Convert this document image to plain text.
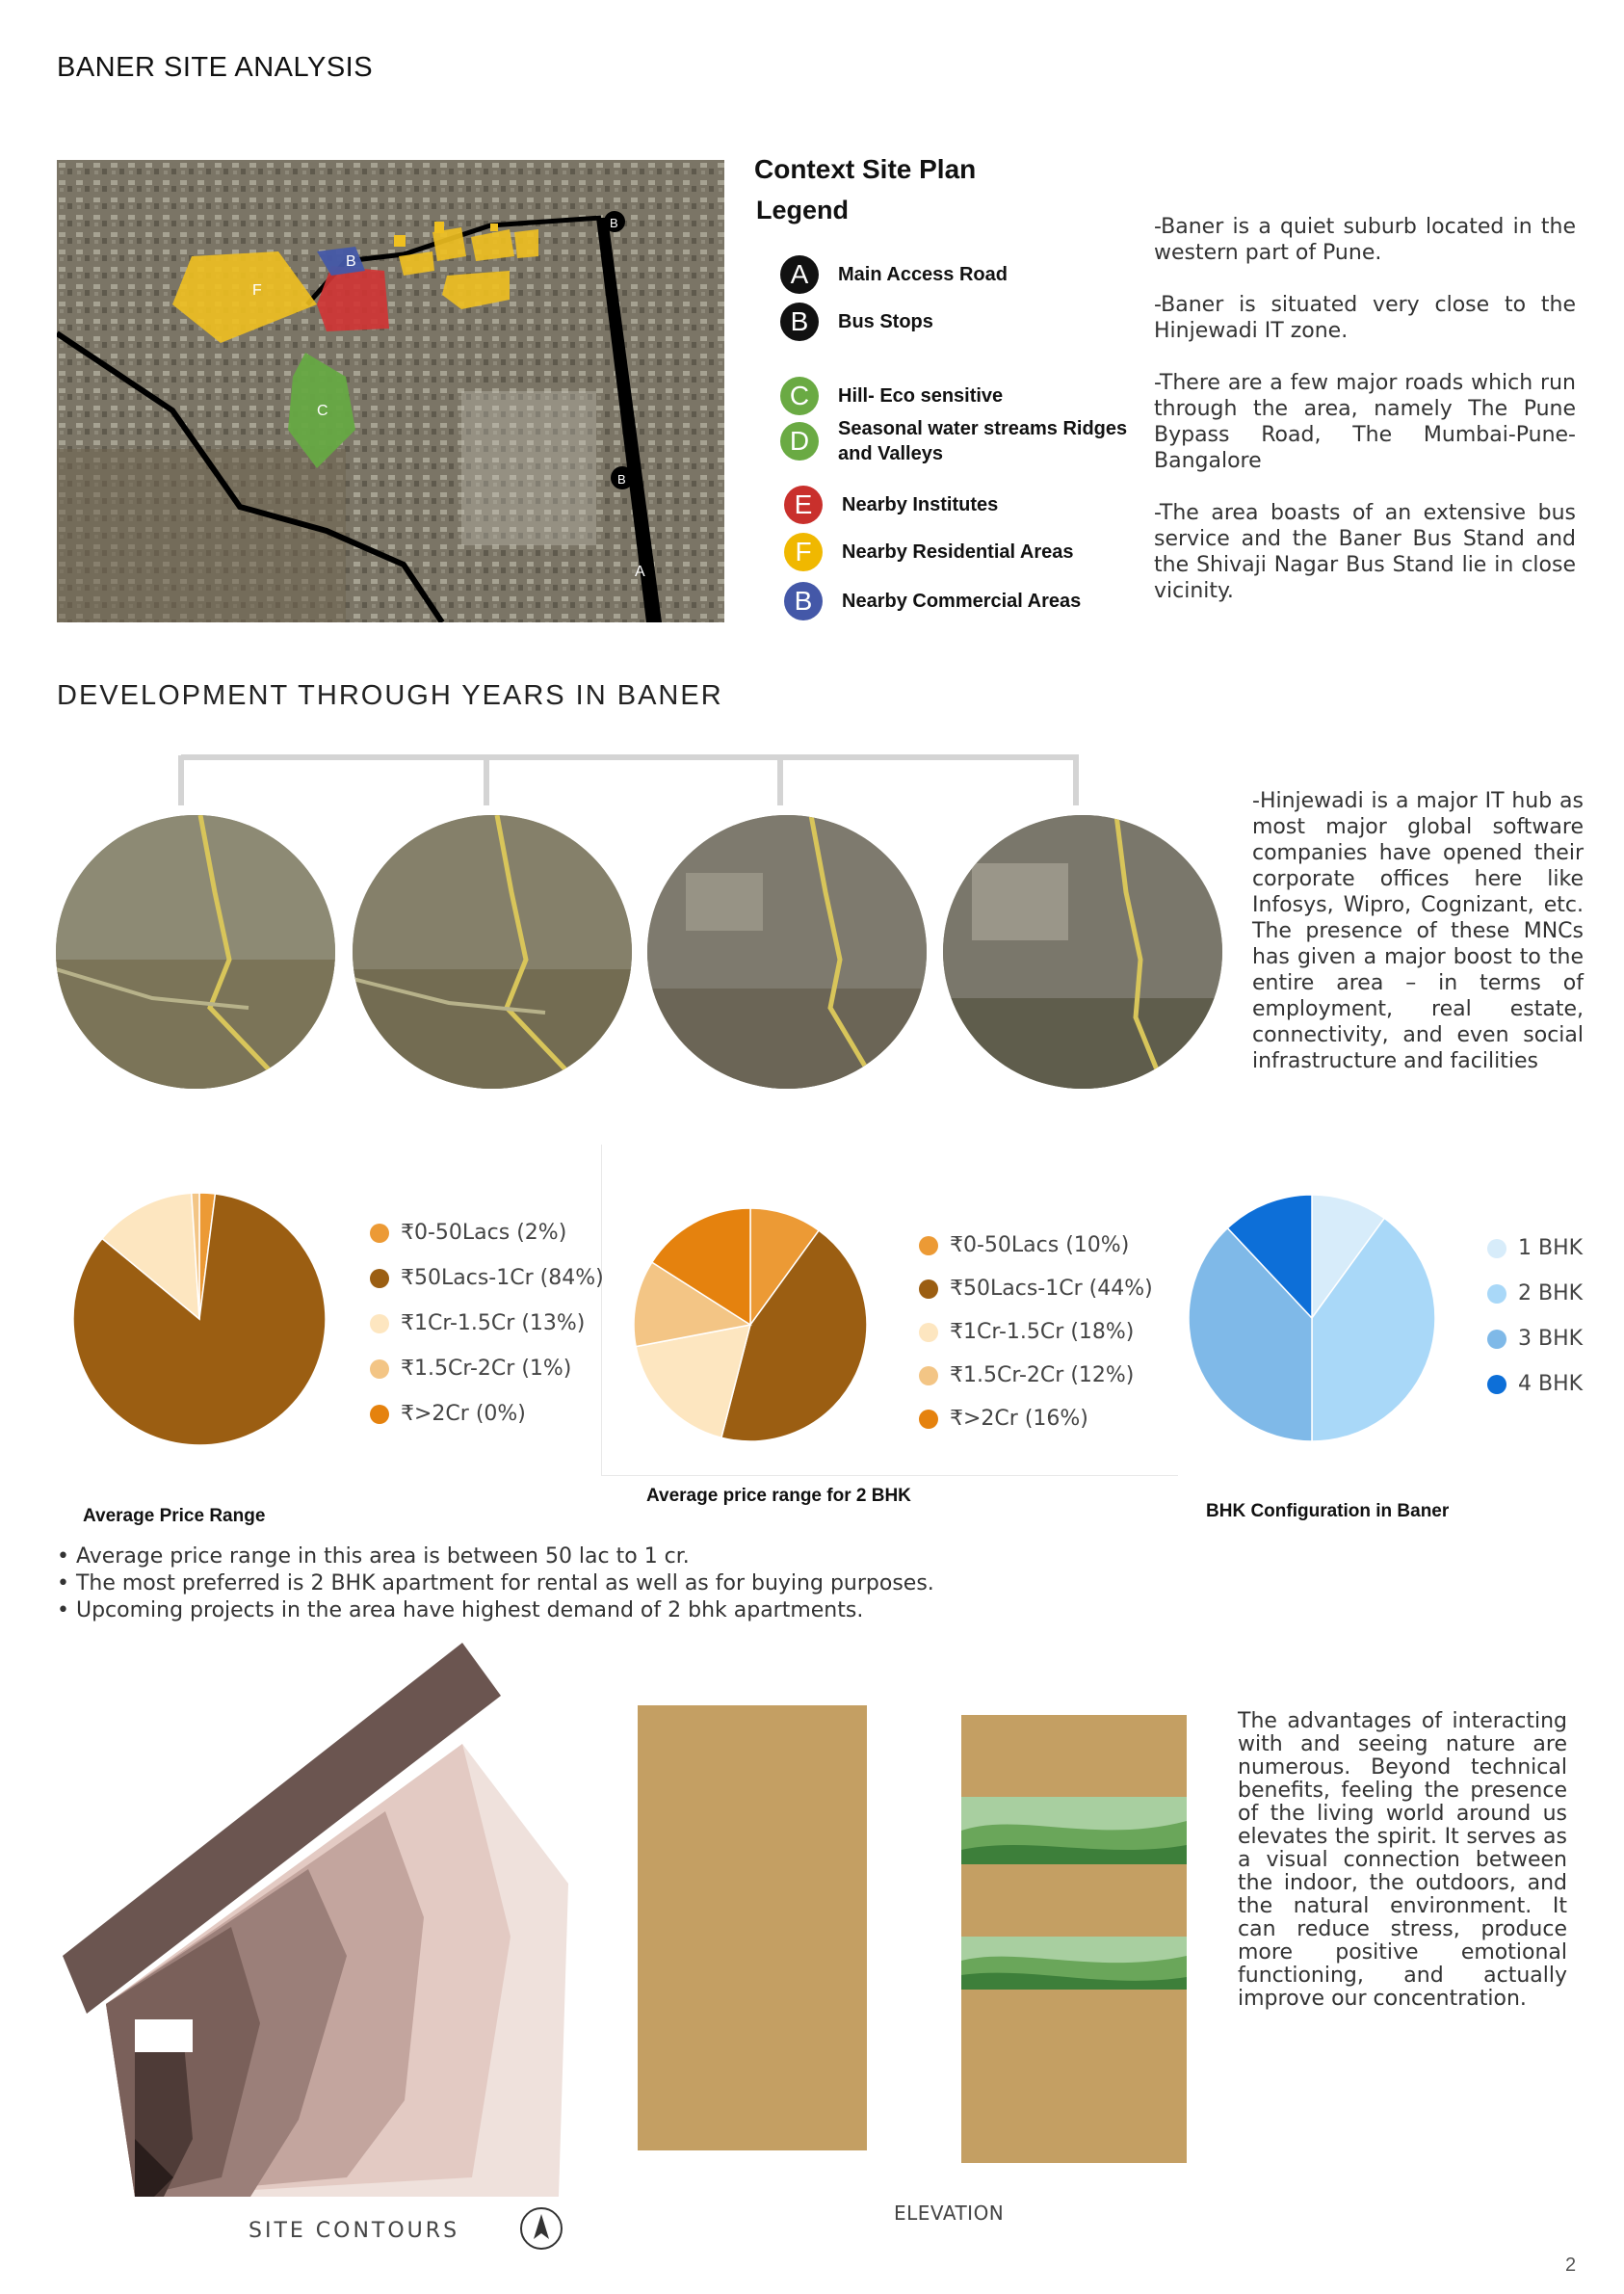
BANER SITE ANALYSIS
F
B
C
B
B
A
Context Site Plan
Legend
A	Main Access Road
B	Bus Stops
C	Hill- Eco sensitive
D	Seasonal water streams Ridges and Valleys
E	Nearby Institutes
F	Nearby Residential Areas
B	Nearby Commercial Areas

-Baner is a quiet suburb located in the western part of Pune.

-Baner is situated very close to the Hinjewadi IT zone.

-There are a few major roads which run through the area, namely The Pune Bypass Road, The Mumbai-Pune-Bangalore

-The area boasts of an extensive bus service and the Baner Bus Stand and the Shivaji Nagar Bus Stand lie in close vicinity.

DEVELOPMENT THROUGH YEARS IN BANER
-Hinjewadi is a major IT hub as most major global software companies have opened their corporate offices here like Infosys, Wipro, Cognizant, etc. The presence of these MNCs has given a major boost to the entire area – in terms of employment, real estate, connectivity, and even social infrastructure and facilities
₹0-50Lacs (2%)
₹50Lacs-1Cr (84%)
₹1Cr-1.5Cr (13%)
₹1.5Cr-2Cr (1%)
₹>2Cr (0%)
₹0-50Lacs (10%)
₹50Lacs-1Cr (44%)
₹1Cr-1.5Cr (18%)
₹1.5Cr-2Cr (12%)
₹>2Cr (16%)
1 BHK
2 BHK
3 BHK
4 BHK
Average Price Range
Average price range for 2 BHK
BHK Configuration in Baner
• Average price range in this area is between 50 lac to 1 cr.
• The most preferred is 2 BHK apartment for rental as well as for buying purposes.
• Upcoming projects in the area have highest demand of 2 bhk apartments.
SITE CONTOURS
ELEVATION
The advantages of interacting with and seeing nature are numerous. Beyond technical benefits, feeling the presence of the living world around us elevates the spirit. It serves as a visual connection between the indoor, the outdoors, and the natural environment. It can reduce stress, produce more positive emotional functioning, and actually improve our concentration.
2
